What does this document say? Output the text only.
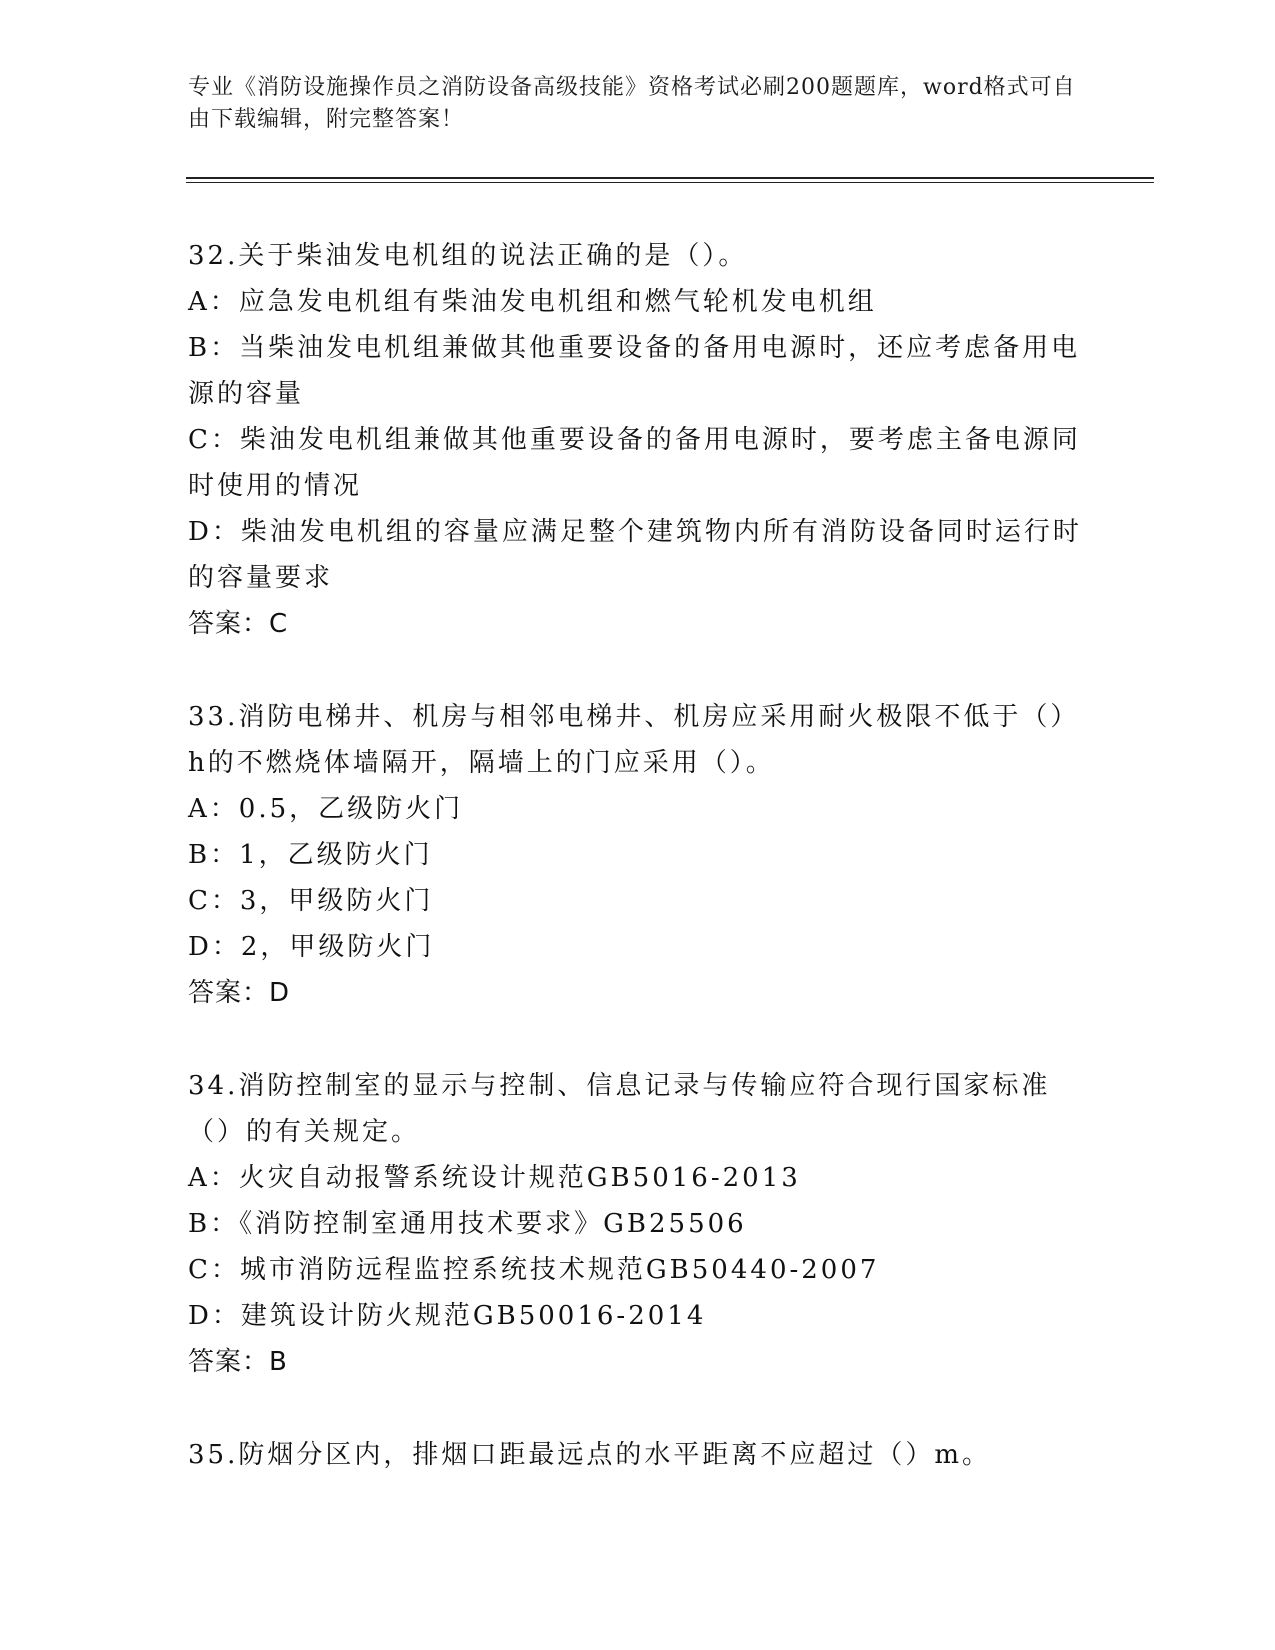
专业《消防设施操作员之消防设备高级技能》资格考试必刷200题题库，word格式可自由下载编辑，附完整答案！
32.关于柴油发电机组的说法正确的是（）。
A：应急发电机组有柴油发电机组和燃气轮机发电机组
B：当柴油发电机组兼做其他重要设备的备用电源时，还应考虑备用电源的容量
C：柴油发电机组兼做其他重要设备的备用电源时，要考虑主备电源同时使用的情况
D：柴油发电机组的容量应满足整个建筑物内所有消防设备同时运行时的容量要求
答案：C
33.消防电梯井、机房与相邻电梯井、机房应采用耐火极限不低于（）h的不燃烧体墙隔开，隔墙上的门应采用（）。
A：0.5，乙级防火门
B：1，乙级防火门
C：3，甲级防火门
D：2，甲级防火门
答案：D
34.消防控制室的显示与控制、信息记录与传输应符合现行国家标准（）的有关规定。
A：火灾自动报警系统设计规范GB5016-2013
B：《消防控制室通用技术要求》GB25506
C：城市消防远程监控系统技术规范GB50440-2007
D：建筑设计防火规范GB50016-2014
答案：B
35.防烟分区内，排烟口距最远点的水平距离不应超过（）m。
